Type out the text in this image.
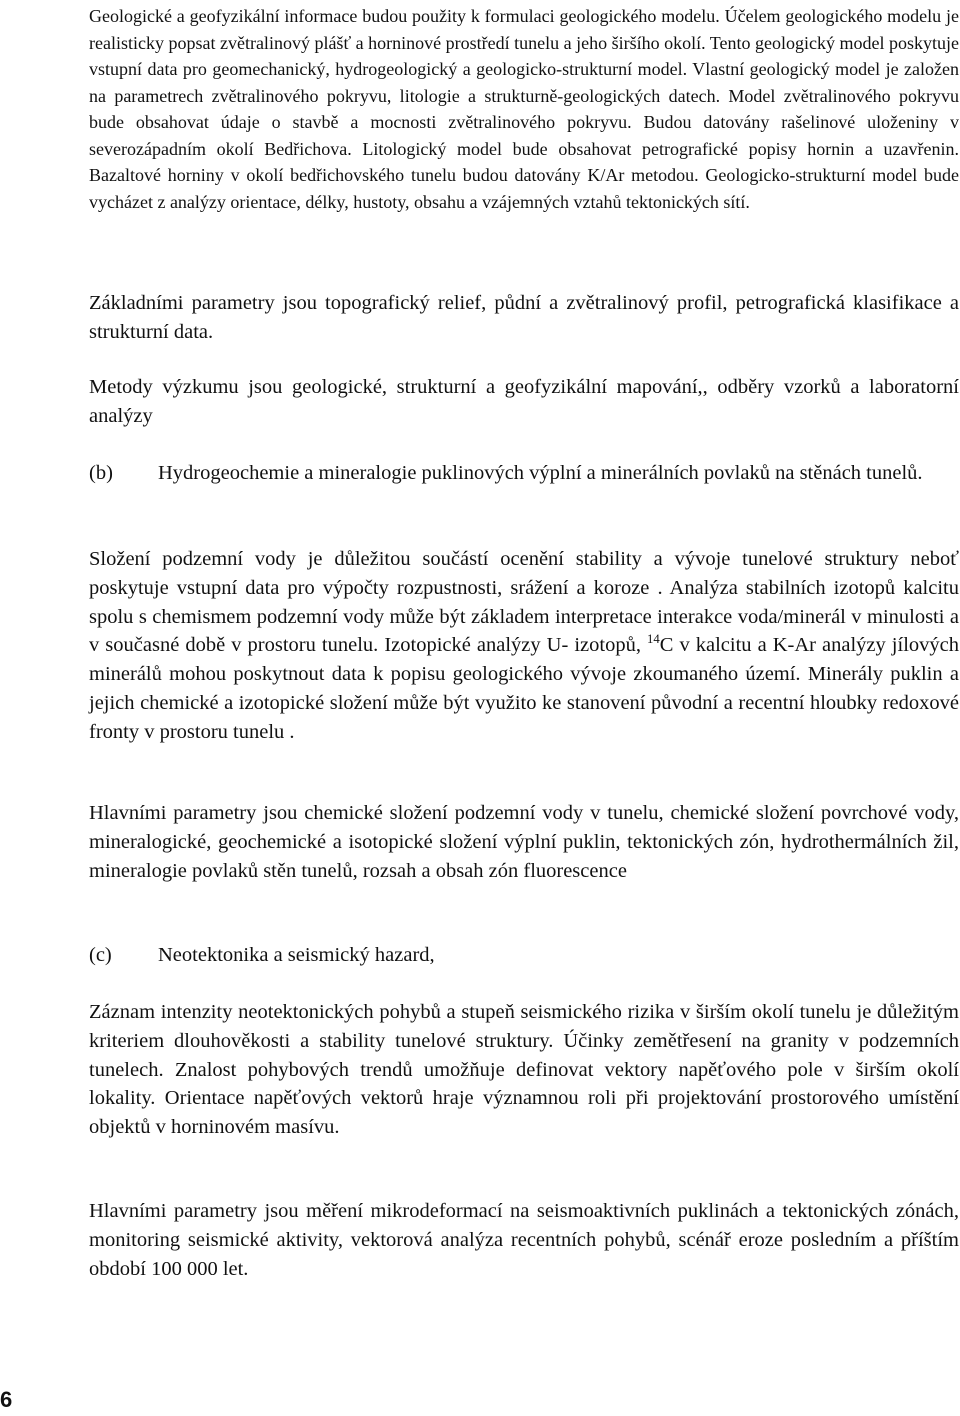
Geologické a geofyzikální informace budou použity k formulaci geologického modelu. Účelem geologického modelu je realisticky popsat zvětralinový plášť a horninové prostředí tunelu a jeho širšího okolí. Tento geologický model poskytuje vstupní data pro geomechanický, hydrogeologický a geologicko-strukturní model. Vlastní geologický model je založen na parametrech zvětralinového pokryvu, litologie a strukturně-geologických datech. Model zvětralinového pokryvu bude obsahovat údaje o stavbě a mocnosti zvětralinového pokryvu. Budou datovány rašelinové uloženiny v severozápadním okolí Bedřichova. Litologický model bude obsahovat petrografické popisy hornin a uzavřenin. Bazaltové horniny v okolí bedřichovského tunelu budou datovány K/Ar metodou. Geologicko-strukturní model bude vycházet z analýzy orientace, délky, hustoty, obsahu a vzájemných vztahů tektonických sítí.

Základními parametry jsou topografický relief, půdní a zvětralinový profil, petrografická klasifikace a strukturní data.

Metody výzkumu jsou geologické, strukturní a geofyzikální mapování,, odběry vzorků a laboratorní analýzy

(b) Hydrogeochemie a mineralogie puklinových výplní a minerálních povlaků na stěnách tunelů.

Složení podzemní vody je důležitou součástí ocenění stability a vývoje tunelové struktury neboť poskytuje vstupní data pro výpočty rozpustnosti, srážení a koroze . Analýza stabilních izotopů kalcitu spolu s chemismem podzemní vody může být základem interpretace interakce voda/minerál v minulosti a v současné době v prostoru tunelu. Izotopické analýzy U- izotopů, $^{14}$C v kalcitu a K-Ar analýzy jílových minerálů mohou poskytnout data k popisu geologického vývoje zkoumaného území. Minerály puklin a jejich chemické a izotopické složení může být využito ke stanovení původní a recentní hloubky redoxové fronty v prostoru tunelu .

Hlavními parametry jsou chemické složení podzemní vody v tunelu, chemické složení povrchové vody, mineralogické, geochemické a isotopické složení výplní puklin, tektonických zón, hydrothermálních žil, mineralogie povlaků stěn tunelů, rozsah a obsah zón fluorescence

(c) Neotektonika a seismický hazard,

Záznam intenzity neotektonických pohybů a stupeň seismického rizika v širším okolí tunelu je důležitým kriteriem dlouhověkosti a stability tunelové struktury. Účinky zemětřesení na granity v podzemních tunelech. Znalost pohybových trendů umožňuje definovat vektory napěťového pole v širším okolí lokality. Orientace napěťových vektorů hraje významnou roli při projektování prostorového umístění objektů v horninovém masívu.

Hlavními parametry jsou měření mikrodeformací na seismoaktivních puklinách a tektonických zónách, monitoring seismické aktivity, vektorová analýza recentních pohybů, scénář eroze posledním a příštím období 100 000 let.

6
